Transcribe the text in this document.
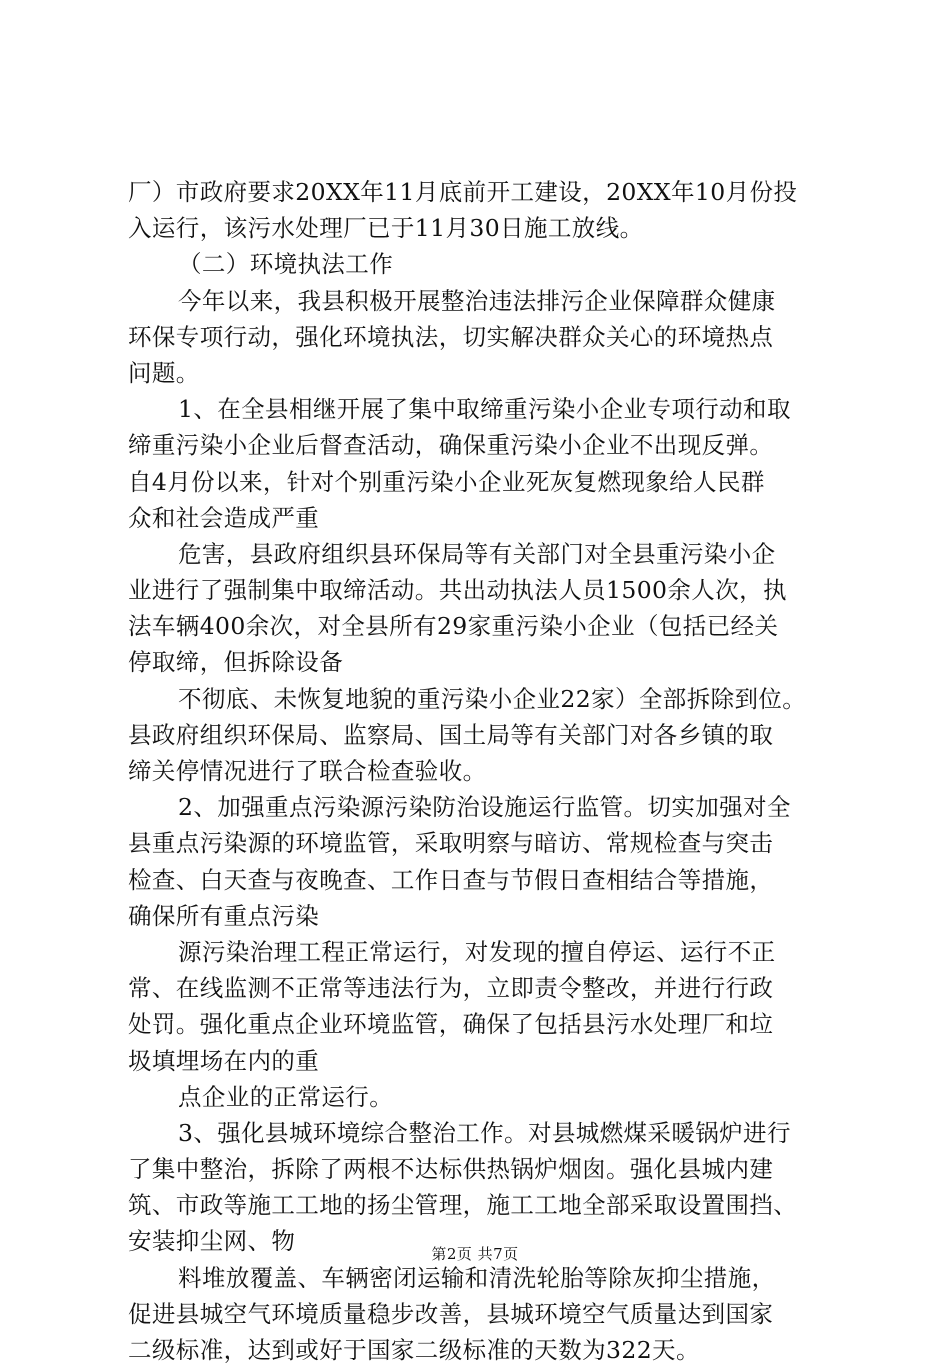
厂）市政府要求20XX年11月底前开工建设，20XX年10月份投
入运行，该污水处理厂已于11月30日施工放线。
（二）环境执法工作
今年以来，我县积极开展整治违法排污企业保障群众健康
环保专项行动，强化环境执法，切实解决群众关心的环境热点
问题。
1、在全县相继开展了集中取缔重污染小企业专项行动和取
缔重污染小企业后督查活动，确保重污染小企业不出现反弹。
自4月份以来，针对个别重污染小企业死灰复燃现象给人民群
众和社会造成严重
危害，县政府组织县环保局等有关部门对全县重污染小企
业进行了强制集中取缔活动。共出动执法人员1500余人次，执
法车辆400余次，对全县所有29家重污染小企业（包括已经关
停取缔，但拆除设备
不彻底、未恢复地貌的重污染小企业22家）全部拆除到位。
县政府组织环保局、监察局、国土局等有关部门对各乡镇的取
缔关停情况进行了联合检查验收。
2、加强重点污染源污染防治设施运行监管。切实加强对全
县重点污染源的环境监管，采取明察与暗访、常规检查与突击
检查、白天查与夜晚查、工作日查与节假日查相结合等措施，
确保所有重点污染
源污染治理工程正常运行，对发现的擅自停运、运行不正
常、在线监测不正常等违法行为，立即责令整改，并进行行政
处罚。强化重点企业环境监管，确保了包括县污水处理厂和垃
圾填埋场在内的重
点企业的正常运行。
3、强化县城环境综合整治工作。对县城燃煤采暖锅炉进行
了集中整治，拆除了两根不达标供热锅炉烟囱。强化县城内建
筑、市政等施工工地的扬尘管理，施工工地全部采取设置围挡、
安装抑尘网、物
料堆放覆盖、车辆密闭运输和清洗轮胎等除灰抑尘措施，
促进县城空气环境质量稳步改善，县城环境空气质量达到国家
二级标准，达到或好于国家二级标准的天数为322天。
第2页 共7页
